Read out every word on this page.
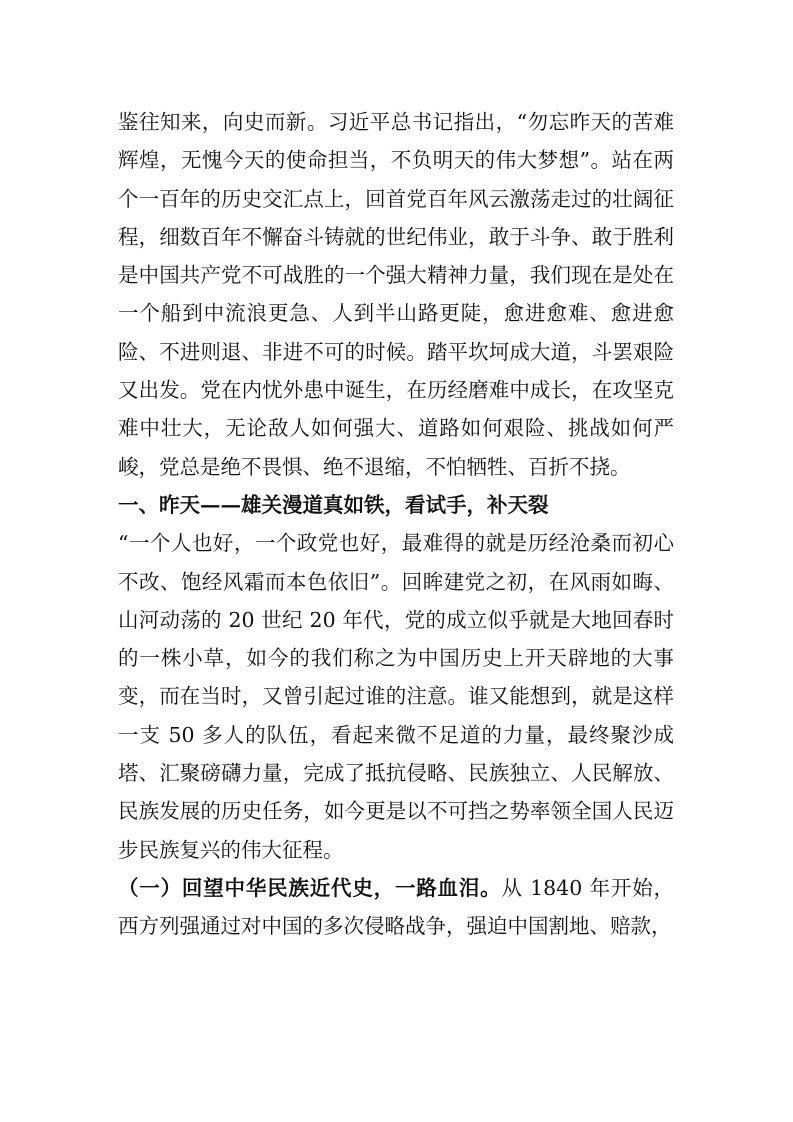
鉴往知来，向史而新。习近平总书记指出，“勿忘昨天的苦难辉煌，无愧今天的使命担当，不负明天的伟大梦想”。站在两个一百年的历史交汇点上，回首党百年风云激荡走过的壮阔征程，细数百年不懈奋斗铸就的世纪伟业，敢于斗争、敢于胜利是中国共产党不可战胜的一个强大精神力量，我们现在是处在一个船到中流浪更急、人到半山路更陡，愈进愈难、愈进愈险、不进则退、非进不可的时候。踏平坎坷成大道，斗罢艰险又出发。党在内忧外患中诞生，在历经磨难中成长，在攻坚克难中壮大，无论敌人如何强大、道路如何艰险、挑战如何严峻，党总是绝不畏惧、绝不退缩，不怕牺牲、百折不挠。

一、昨天——雄关漫道真如铁，看试手，补天裂

“一个人也好，一个政党也好，最难得的就是历经沧桑而初心不改、饱经风霜而本色依旧”。回眸建党之初，在风雨如晦、山河动荡的 20 世纪 20 年代，党的成立似乎就是大地回春时的一株小草，如今的我们称之为中国历史上开天辟地的大事变，而在当时，又曾引起过谁的注意。谁又能想到，就是这样一支 50 多人的队伍，看起来微不足道的力量，最终聚沙成塔、汇聚磅礴力量，完成了抵抗侵略、民族独立、人民解放、民族发展的历史任务，如今更是以不可挡之势率领全国人民迈步民族复兴的伟大征程。

（一）回望中华民族近代史，一路血泪。从 1840 年开始，西方列强通过对中国的多次侵略战争，强迫中国割地、赔款，
